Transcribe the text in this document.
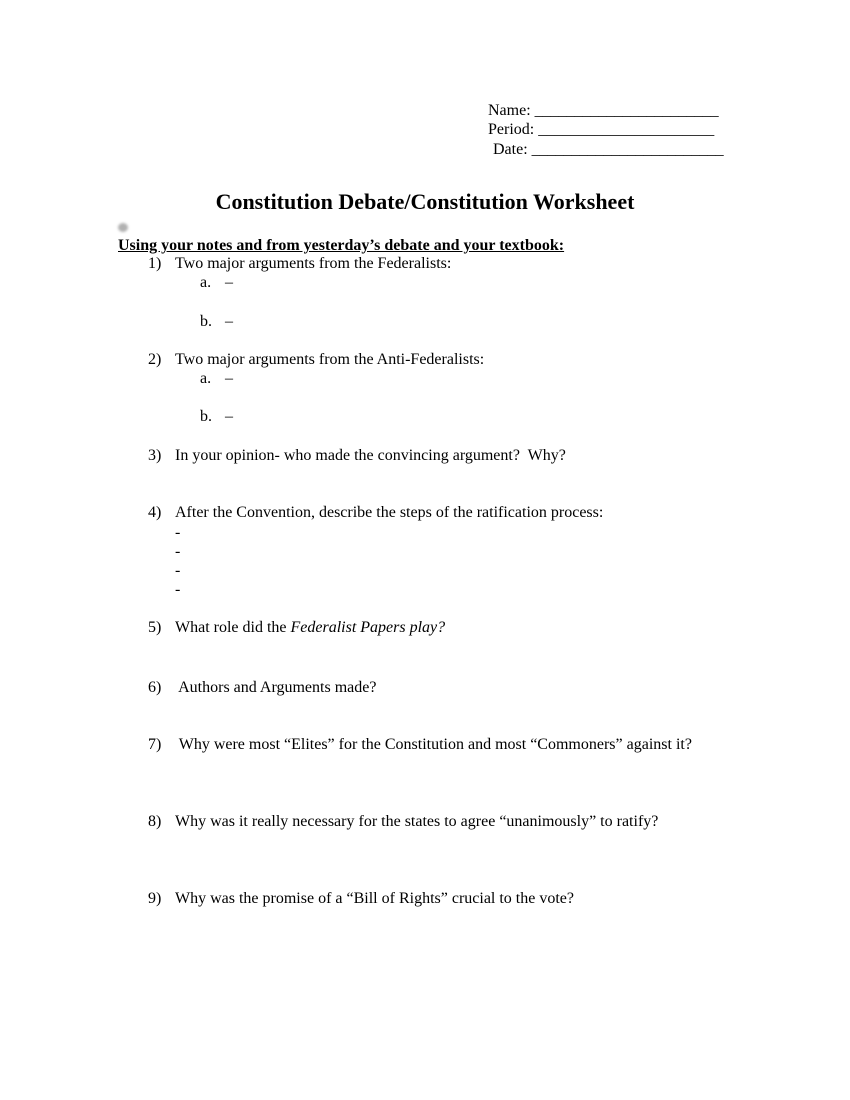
Name: _______________________
Period: ______________________
Date: ________________________
Constitution Debate/Constitution Worksheet
Using your notes and from yesterday’s debate and your textbook:
1) Two major arguments from the Federalists:
a. –
b. –
2) Two major arguments from the Anti-Federalists:
a. –
b. –
3) In your opinion- who made the convincing argument?  Why?
4) After the Convention, describe the steps of the ratification process:
-
-
-
-
5) What role did the Federalist Papers play?
6) Authors and Arguments made?
7) Why were most “Elites” for the Constitution and most “Commoners” against it?
8) Why was it really necessary for the states to agree “unanimously” to ratify?
9) Why was the promise of a “Bill of Rights” crucial to the vote?
